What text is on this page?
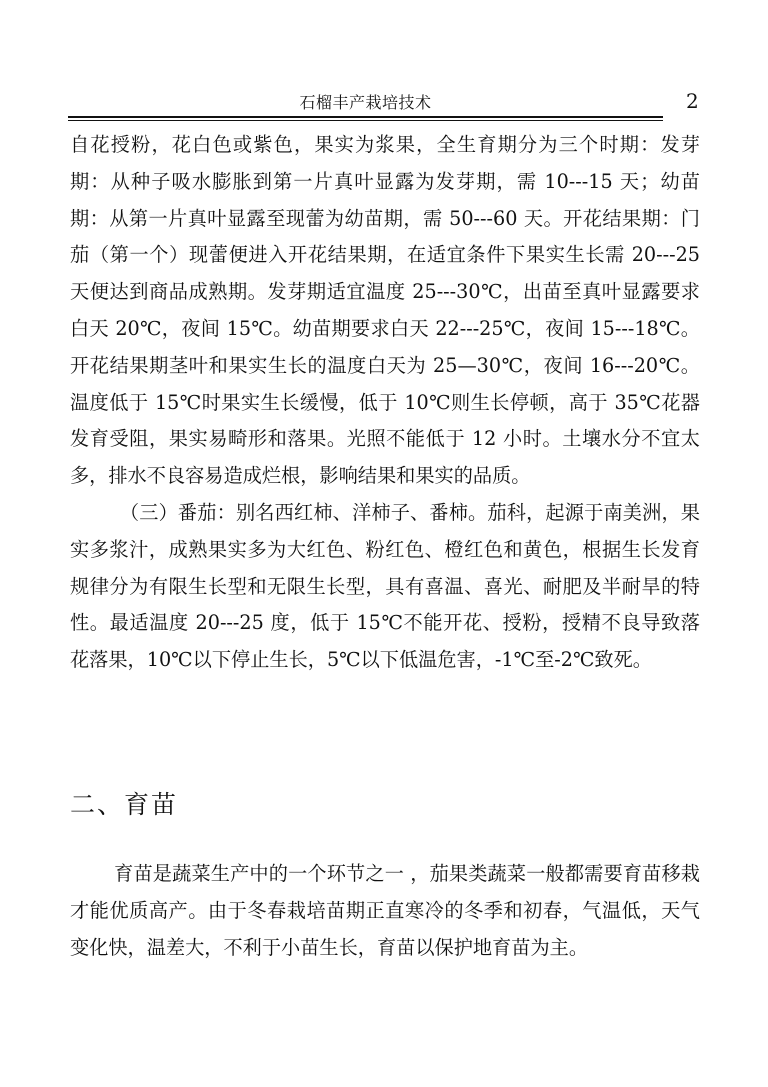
石榴丰产栽培技术	2

自花授粉，花白色或紫色，果实为浆果，全生育期分为三个时期：发芽期：从种子吸水膨胀到第一片真叶显露为发芽期，需 10---15 天；幼苗期：从第一片真叶显露至现蕾为幼苗期，需 50---60 天。开花结果期：门茄（第一个）现蕾便进入开花结果期，在适宜条件下果实生长需 20---25 天便达到商品成熟期。发芽期适宜温度 25---30℃，出苗至真叶显露要求白天 20℃，夜间 15℃。幼苗期要求白天 22---25℃，夜间 15---18℃。开花结果期茎叶和果实生长的温度白天为 25—30℃，夜间 16---20℃。温度低于 15℃时果实生长缓慢，低于 10℃则生长停顿，高于 35℃花器发育受阻，果实易畸形和落果。光照不能低于 12 小时。土壤水分不宜太多，排水不良容易造成烂根，影响结果和果实的品质。

（三）番茄：别名西红柿、洋柿子、番柿。茄科，起源于南美洲，果实多浆汁，成熟果实多为大红色、粉红色、橙红色和黄色，根据生长发育规律分为有限生长型和无限生长型，具有喜温、喜光、耐肥及半耐旱的特性。最适温度 20---25 度，低于 15℃不能开花、授粉，授精不良导致落花落果，10℃以下停止生长，5℃以下低温危害，-1℃至-2℃致死。

二、育苗

育苗是蔬菜生产中的一个环节之一 ，茄果类蔬菜一般都需要育苗移栽才能优质高产。由于冬春栽培苗期正直寒冷的冬季和初春，气温低，天气变化快，温差大，不利于小苗生长，育苗以保护地育苗为主。
